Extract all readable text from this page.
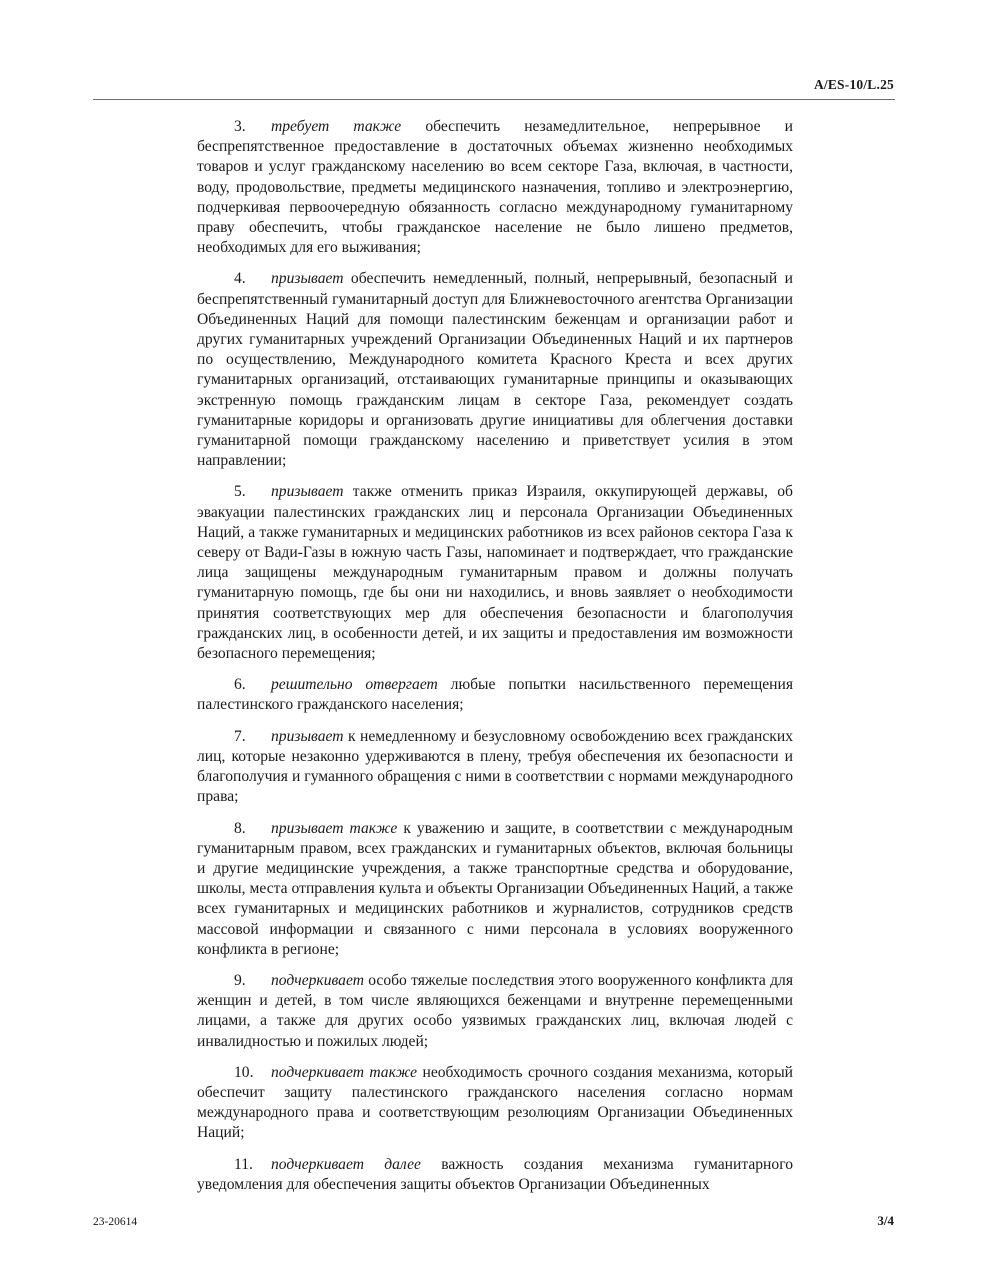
A/ES-10/L.25

3. требует также обеспечить незамедлительное, непрерывное и беспрепятственное предоставление в достаточных объемах жизненно необходимых товаров и услуг гражданскому населению во всем секторе Газа, включая, в частности, воду, продовольствие, предметы медицинского назначения, топливо и электроэнергию, подчеркивая первоочередную обязанность согласно международному гуманитарному праву обеспечить, чтобы гражданское население не было лишено предметов, необходимых для его выживания;

4. призывает обеспечить немедленный, полный, непрерывный, безопасный и беспрепятственный гуманитарный доступ для Ближневосточного агентства Организации Объединенных Наций для помощи палестинским беженцам и организации работ и других гуманитарных учреждений Организации Объединенных Наций и их партнеров по осуществлению, Международного комитета Красного Креста и всех других гуманитарных организаций, отстаивающих гуманитарные принципы и оказывающих экстренную помощь гражданским лицам в секторе Газа, рекомендует создать гуманитарные коридоры и организовать другие инициативы для облегчения доставки гуманитарной помощи гражданскому населению и приветствует усилия в этом направлении;

5. призывает также отменить приказ Израиля, оккупирующей державы, об эвакуации палестинских гражданских лиц и персонала Организации Объединенных Наций, а также гуманитарных и медицинских работников из всех районов сектора Газа к северу от Вади-Газы в южную часть Газы, напоминает и подтверждает, что гражданские лица защищены международным гуманитарным правом и должны получать гуманитарную помощь, где бы они ни находились, и вновь заявляет о необходимости принятия соответствующих мер для обеспечения безопасности и благополучия гражданских лиц, в особенности детей, и их защиты и предоставления им возможности безопасного перемещения;

6. решительно отвергает любые попытки насильственного перемещения палестинского гражданского населения;

7. призывает к немедленному и безусловному освобождению всех гражданских лиц, которые незаконно удерживаются в плену, требуя обеспечения их безопасности и благополучия и гуманного обращения с ними в соответствии с нормами международного права;

8. призывает также к уважению и защите, в соответствии с международным гуманитарным правом, всех гражданских и гуманитарных объектов, включая больницы и другие медицинские учреждения, а также транспортные средства и оборудование, школы, места отправления культа и объекты Организации Объединенных Наций, а также всех гуманитарных и медицинских работников и журналистов, сотрудников средств массовой информации и связанного с ними персонала в условиях вооруженного конфликта в регионе;

9. подчеркивает особо тяжелые последствия этого вооруженного конфликта для женщин и детей, в том числе являющихся беженцами и внутренне перемещенными лицами, а также для других особо уязвимых гражданских лиц, включая людей с инвалидностью и пожилых людей;

10. подчеркивает также необходимость срочного создания механизма, который обеспечит защиту палестинского гражданского населения согласно нормам международного права и соответствующим резолюциям Организации Объединенных Наций;

11. подчеркивает далее важность создания механизма гуманитарного уведомления для обеспечения защиты объектов Организации Объединенных

23-20614	3/4
